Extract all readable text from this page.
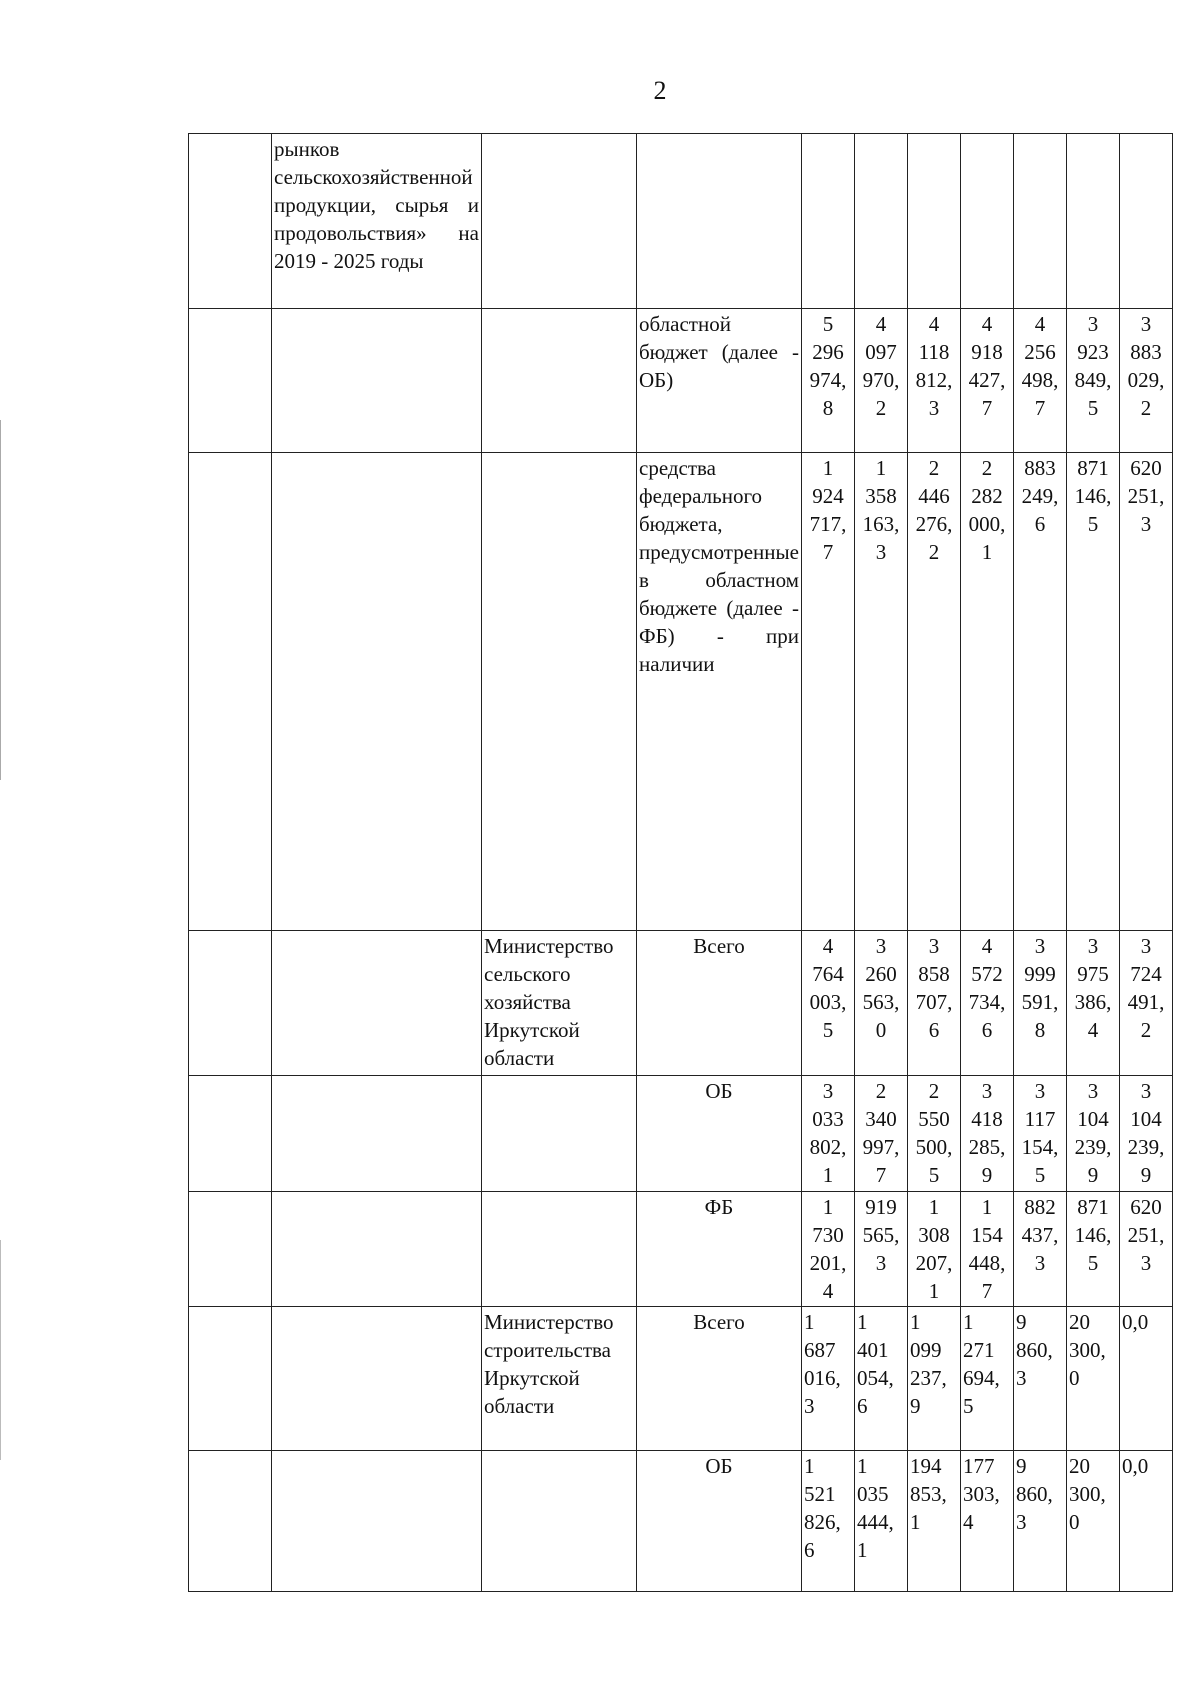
2
	рынков сельскохозяйственной продукции, сырья и продовольствия» на 2019 - 2025 годы									
			областной бюджет (далее - ОБ)	5
296
974,
8	4
097
970,
2	4
118
812,
3	4
918
427,
7	4
256
498,
7	3
923
849,
5	3
883
029,
2
			средства федерального бюджета, предусмотренные в областном бюджете (далее - ФБ) - при наличии	1
924
717,
7	1
358
163,
3	2
446
276,
2	2
282
000,
1	883
249,
6	871
146,
5	620
251,
3
		Министерство сельского хозяйства Иркутской области	Всего	4
764
003,
5	3
260
563,
0	3
858
707,
6	4
572
734,
6	3
999
591,
8	3
975
386,
4	3
724
491,
2
			ОБ	3
033
802,
1	2
340
997,
7	2
550
500,
5	3
418
285,
9	3
117
154,
5	3
104
239,
9	3
104
239,
9
			ФБ	1
730
201,
4	919
565,
3	1
308
207,
1	1
154
448,
7	882
437,
3	871
146,
5	620
251,
3
		Министерство строительства Иркутской области	Всего	1
687
016,
3	1
401
054,
6	1
099
237,
9	1
271
694,
5	9
860,
3	20
300,
0	0,0
			ОБ	1
521
826,
6	1
035
444,
1	194
853,
1	177
303,
4	9
860,
3	20
300,
0	0,0
